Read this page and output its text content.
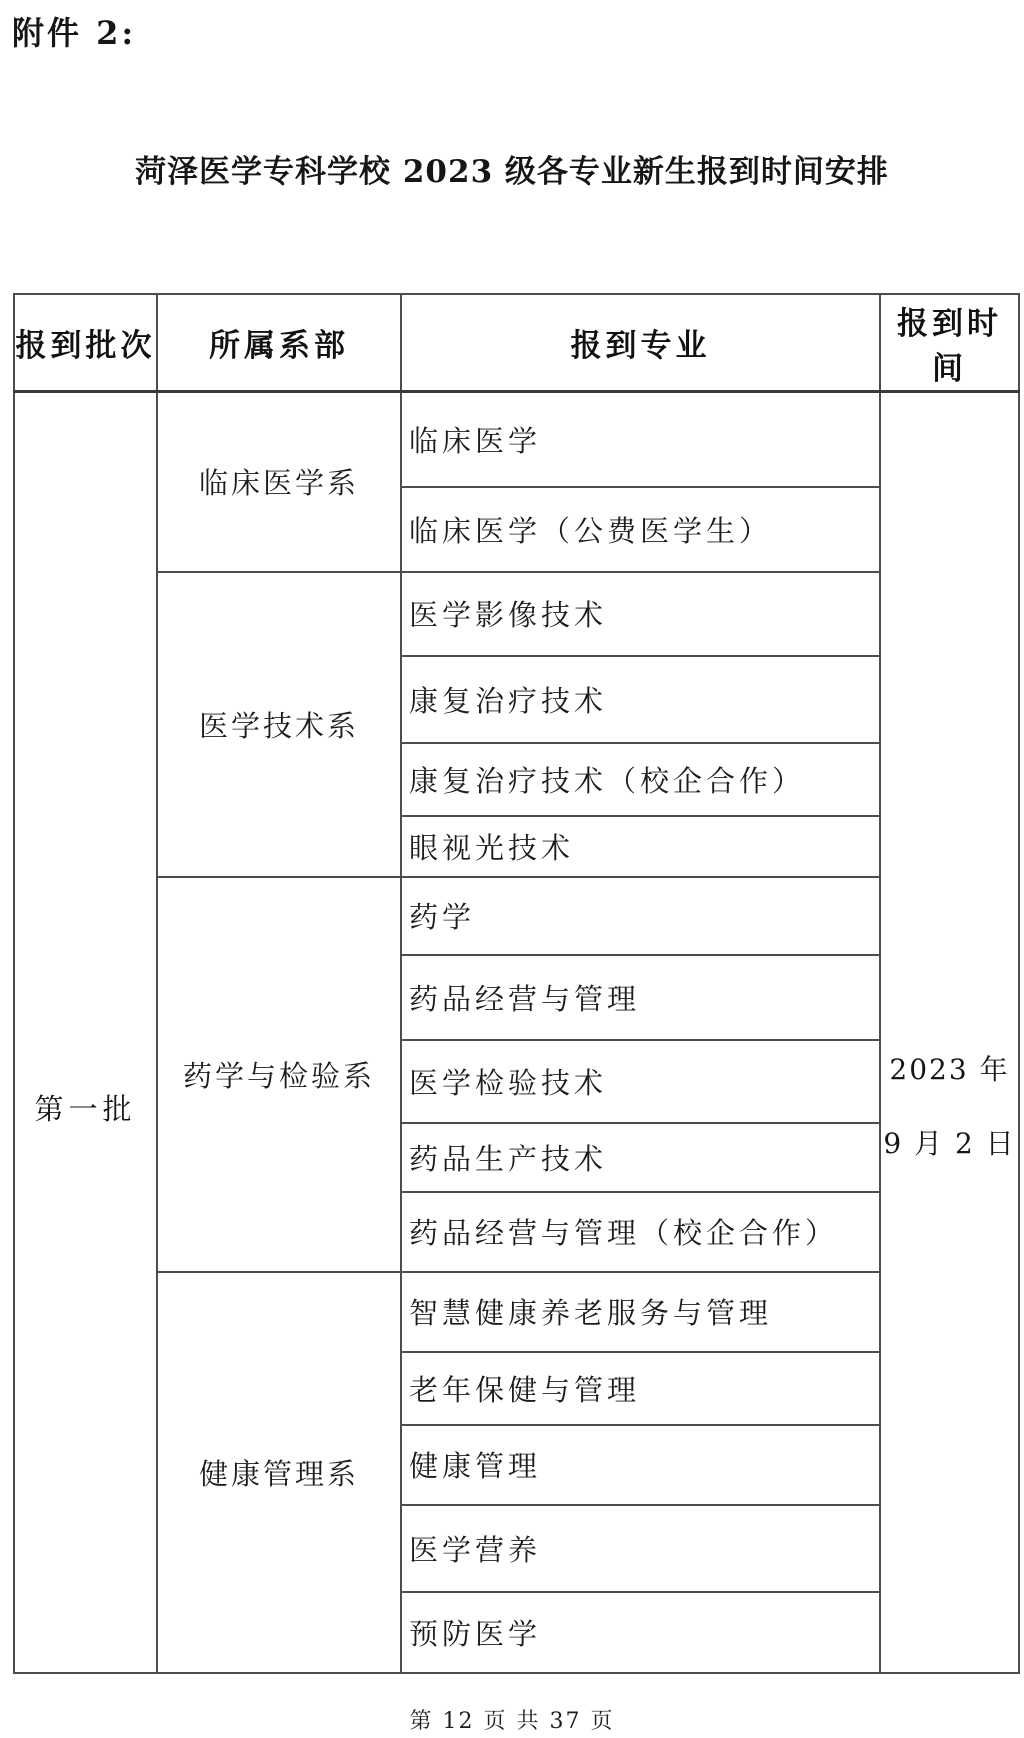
附件 2:
菏泽医学专科学校 2023 级各专业新生报到时间安排
报到批次	所属系部	报到专业	报到时间
第一批	临床医学系	临床医学	2023 年
9 月 2 日

		临床医学（公费医学生）	
	医学技术系	医学影像技术	
		康复治疗技术	
		康复治疗技术（校企合作）	
		眼视光技术	
	药学与检验系	药学	
		药品经营与管理	
		医学检验技术	
		药品生产技术	
		药品经营与管理（校企合作）	
	健康管理系	智慧健康养老服务与管理	
		老年保健与管理	
		健康管理	
		医学营养	
		预防医学	
第 12 页 共 37 页
